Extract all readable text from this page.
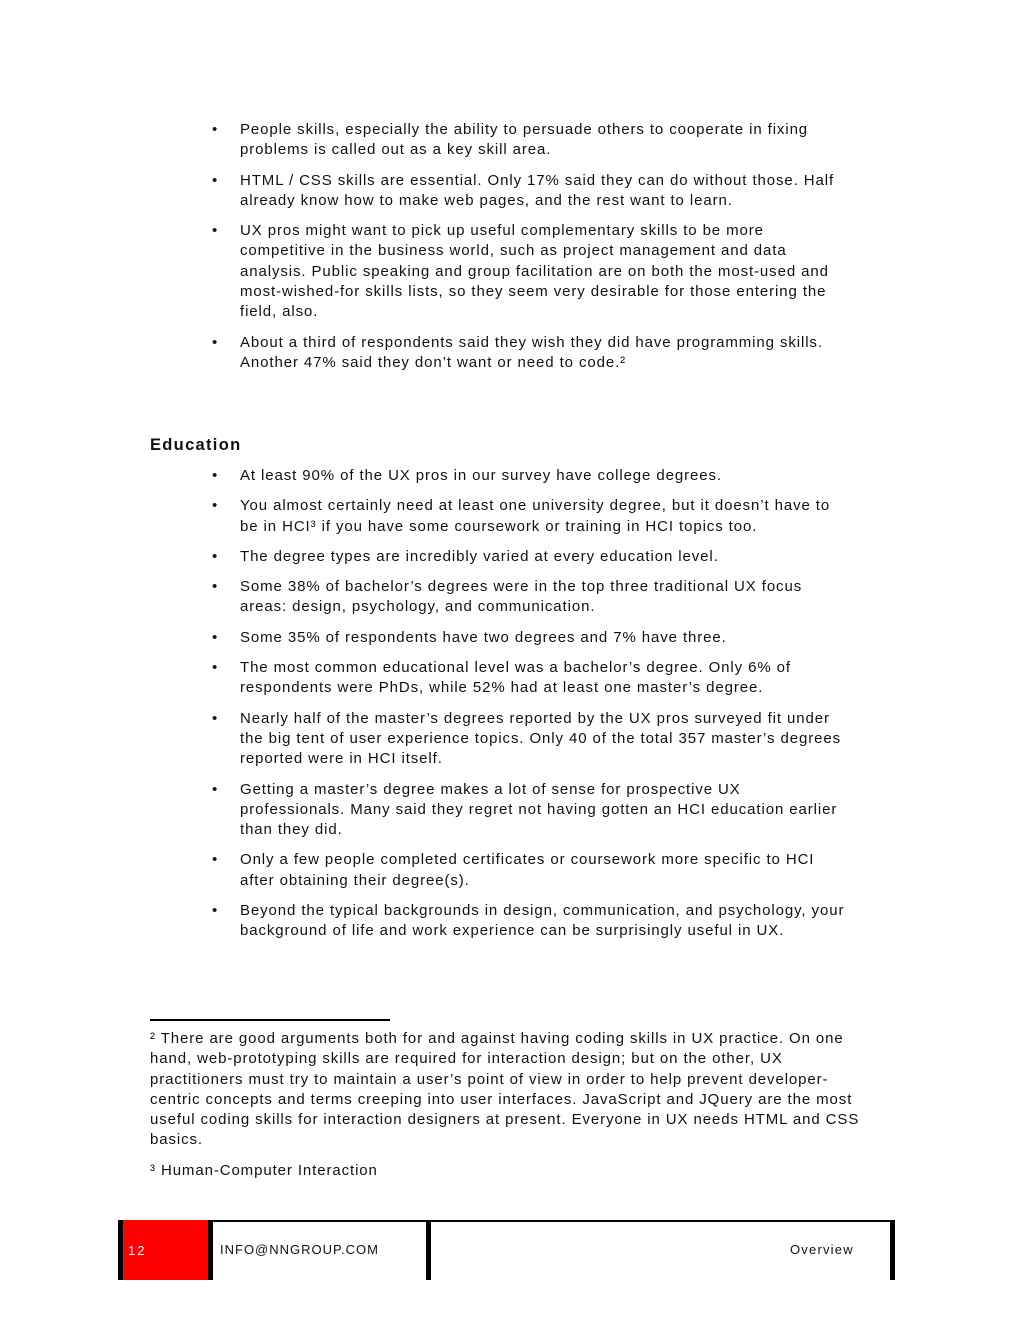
• People skills, especially the ability to persuade others to cooperate in fixing problems is called out as a key skill area.
• HTML / CSS skills are essential. Only 17% said they can do without those. Half already know how to make web pages, and the rest want to learn.
• UX pros might want to pick up useful complementary skills to be more competitive in the business world, such as project management and data analysis. Public speaking and group facilitation are on both the most-used and most-wished-for skills lists, so they seem very desirable for those entering the field, also.
• About a third of respondents said they wish they did have programming skills. Another 47% said they don’t want or need to code.²
Education
• At least 90% of the UX pros in our survey have college degrees.
• You almost certainly need at least one university degree, but it doesn’t have to be in HCI³ if you have some coursework or training in HCI topics too.
• The degree types are incredibly varied at every education level.
• Some 38% of bachelor’s degrees were in the top three traditional UX focus areas: design, psychology, and communication.
• Some 35% of respondents have two degrees and 7% have three.
• The most common educational level was a bachelor’s degree. Only 6% of respondents were PhDs, while 52% had at least one master’s degree.
• Nearly half of the master’s degrees reported by the UX pros surveyed fit under the big tent of user experience topics. Only 40 of the total 357 master’s degrees reported were in HCI itself.
• Getting a master’s degree makes a lot of sense for prospective UX professionals. Many said they regret not having gotten an HCI education earlier than they did.
• Only a few people completed certificates or coursework more specific to HCI after obtaining their degree(s).
• Beyond the typical backgrounds in design, communication, and psychology, your background of life and work experience can be surprisingly useful in UX.

² There are good arguments both for and against having coding skills in UX practice. On one hand, web-prototyping skills are required for interaction design; but on the other, UX practitioners must try to maintain a user’s point of view in order to help prevent developer-centric concepts and terms creeping into user interfaces. JavaScript and JQuery are the most useful coding skills for interaction designers at present. Everyone in UX needs HTML and CSS basics.

³ Human-Computer Interaction

12	INFO@NNGROUP.COM	Overview
